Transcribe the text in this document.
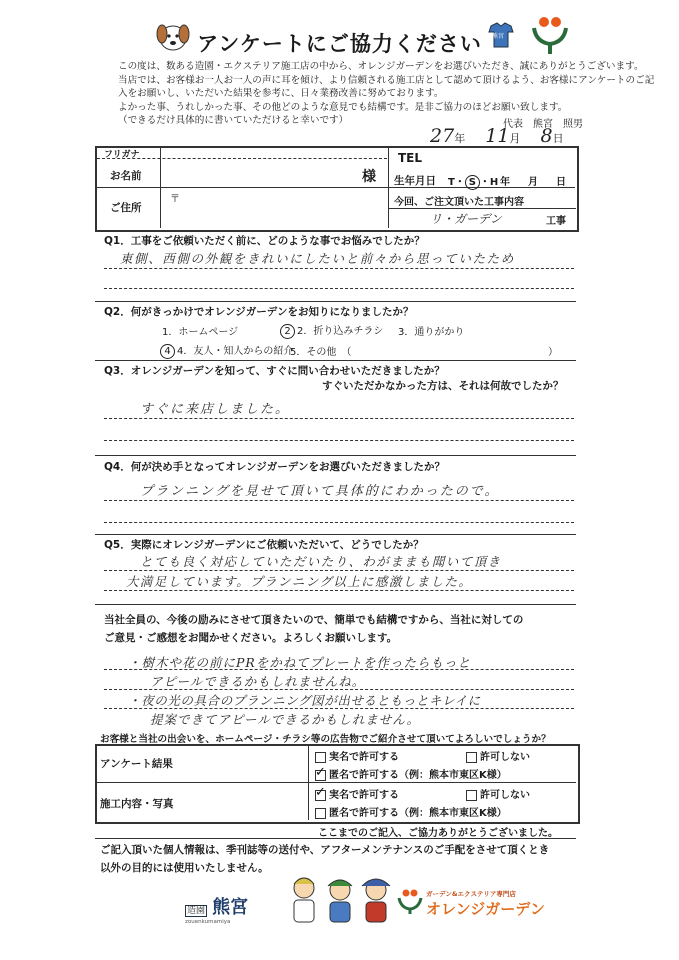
アンケートにご協力ください	熊宮
この度は、数ある造園・エクステリア施工店の中から、オレンジガーデンをお選びいただき、誠にありがとうございます。
当店では、お客様お一人お一人の声に耳を傾け、より信頼される施工店として認めて頂けるよう、お客様にアンケートのご記
入をお願いし、いただいた結果を参考に、日々業務改善に努めております。
よかった事、うれしかった事、その他どのような意見でも結構です。是非ご協力のほどお願い致します。
（できるだけ具体的に書いていただけると幸いです）	代表　熊宮　照男
27年 11月 8日
フリガナ
お名前	様
ご住所
〒
TEL
生年月日 T・ S ・H 年 月 日
今回、ご注文頂いた工事内容
リ・ガーデン	工事
Q1．工事をご依頼いただく前に、どのような事でお悩みでしたか？
東側、西側の外観をきれいにしたいと前々から思っていたため
Q2．何がきっかけでオレンジガーデンをお知りになりましたか？
1．ホームページ	2 2．折り込みチラシ 3．通りがかり
4 4．友人・知人からの紹介
5．その他　（	）
Q3．オレンジガーデンを知って、すぐに問い合わせいただきましたか？
すぐいただかなかった方は、それは何故でしたか？
すぐに来店しました。
Q4．何が決め手となってオレンジガーデンをお選びいただきましたか？
プランニングを見せて頂いて具体的にわかったので。
Q5．実際にオレンジガーデンにご依頼いただいて、どうでしたか？
とても良く対応していただいたり、わがままも聞いて頂き
大満足しています。プランニング以上に感激しました。
当社全員の、今後の励みにさせて頂きたいので、簡単でも結構ですから、当社に対しての
ご意見・ご感想をお聞かせください。よろしくお願いします。
・樹木や花の前にPRをかねてプレートを作ったらもっと
アピールできるかもしれませんね。
・夜の光の具合のプランニング図が出せるともっとキレイに
提案できてアピールできるかもしれません。
お客様と当社の出会いを、ホームページ・チラシ等の広告物でご紹介させて頂いてよろしいでしょうか？
アンケート結果
実名で許可する	許可しない
✓匿名で許可する（例：熊本市東区K様）
施工内容・写真
✓実名で許可する	許可しない
匿名で許可する（例：熊本市東区K様）
ここまでのご記入、ご協力ありがとうございました。
ご記入頂いた個人情報は、季刊誌等の送付や、アフターメンテナンスのご手配をさせて頂くとき
以外の目的には使用いたしません。
造園 熊宮
zouenkumamiya
ガーデン&エクステリア専門店
オレンジガーデン
